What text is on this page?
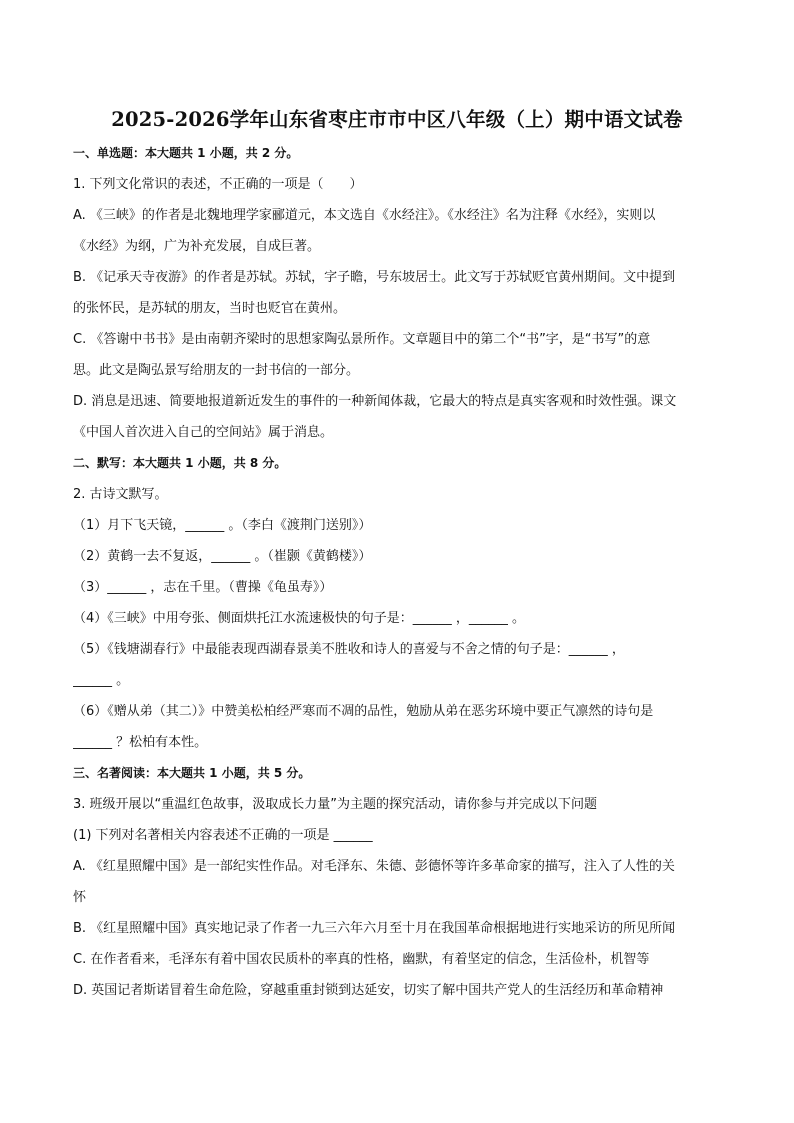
2025-2026学年山东省枣庄市市中区八年级（上）期中语文试卷
一、单选题：本大题共 1 小题，共 2 分。
1. 下列文化常识的表述，不正确的一项是（　　）
A. 《三峡》的作者是北魏地理学家郦道元，本文选自《水经注》。《水经注》名为注释《水经》，实则以
《水经》为纲，广为补充发展，自成巨著。
B. 《记承天寺夜游》的作者是苏轼。苏轼，字子瞻，号东坡居士。此文写于苏轼贬官黄州期间。文中提到
的张怀民，是苏轼的朋友，当时也贬官在黄州。
C. 《答谢中书书》是由南朝齐梁时的思想家陶弘景所作。文章题目中的第二个“书”字，是“书写”的意
思。此文是陶弘景写给朋友的一封书信的一部分。
D. 消息是迅速、简要地报道新近发生的事件的一种新闻体裁，它最大的特点是真实客观和时效性强。课文
《中国人首次进入自己的空间站》属于消息。
二、默写：本大题共 1 小题，共 8 分。
2. 古诗文默写。
（1）月下飞天镜，______ 。（李白《渡荆门送别》）
（2）黄鹤一去不复返，______ 。（崔颢《黄鹤楼》）
（3）______ ，志在千里。（曹操《龟虽寿》）
（4）《三峡》中用夸张、侧面烘托江水流速极快的句子是：______ ，______ 。
（5）《钱塘湖春行》中最能表现西湖春景美不胜收和诗人的喜爱与不舍之情的句子是：______ ，
______ 。
（6）《赠从弟（其二）》中赞美松柏经严寒而不凋的品性，勉励从弟在恶劣环境中要正气凛然的诗句是
______ ？松柏有本性。
三、名著阅读：本大题共 1 小题，共 5 分。
3. 班级开展以“重温红色故事，汲取成长力量”为主题的探究活动，请你参与并完成以下问题
(1) 下列对名著相关内容表述不正确的一项是 ______
A. 《红星照耀中国》是一部纪实性作品。对毛泽东、朱德、彭德怀等许多革命家的描写，注入了人性的关
怀
B. 《红星照耀中国》真实地记录了作者一九三六年六月至十月在我国革命根据地进行实地采访的所见所闻
C. 在作者看来，毛泽东有着中国农民质朴的率真的性格，幽默，有着坚定的信念，生活俭朴，机智等
D. 英国记者斯诺冒着生命危险，穿越重重封锁到达延安，切实了解中国共产党人的生活经历和革命精神
